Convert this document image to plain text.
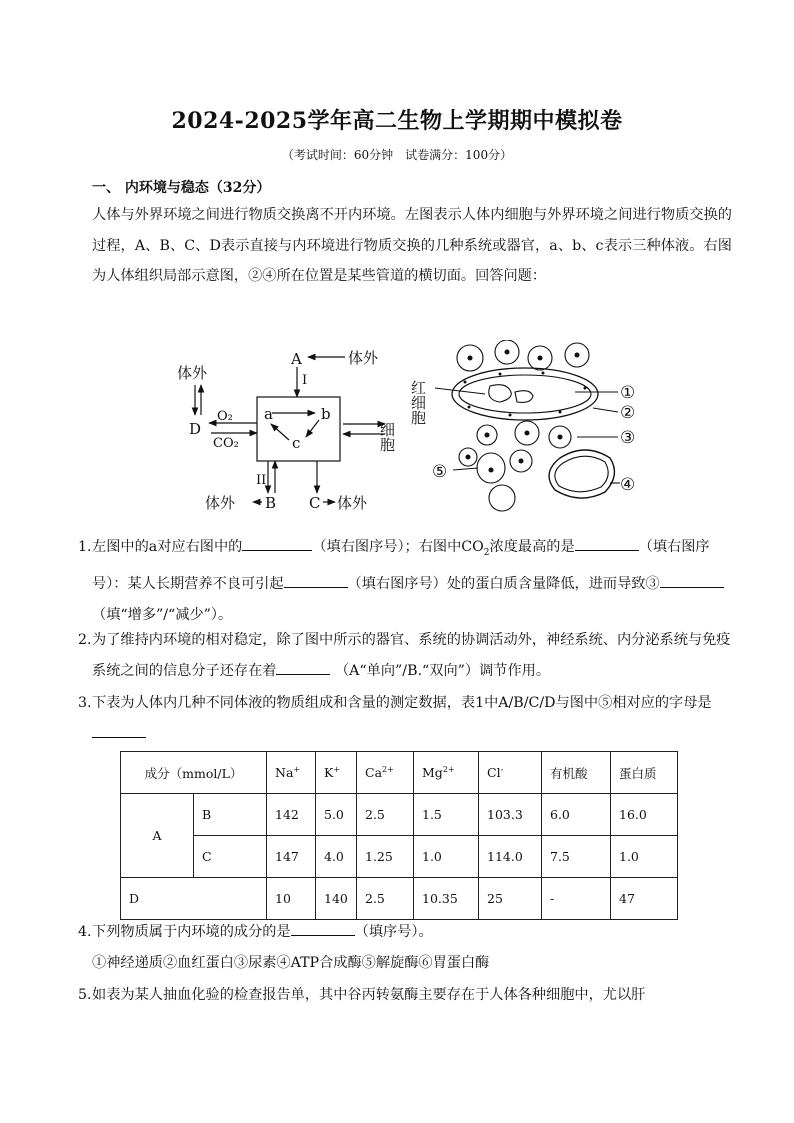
2024-2025学年高二生物上学期期中模拟卷
（考试时间：60分钟　试卷满分：100分）
一、 内环境与稳态（32分）
人体与外界环境之间进行物质交换离不开内环境。左图表示人体内细胞与外界环境之间进行物质交换的过程，A、B、C、D表示直接与内环境进行物质交换的几种系统或器官，a、b、c表示三种体液。右图为人体组织局部示意图，②④所在位置是某些管道的横切面。回答问题：
A
I
体外
体外
D
O₂
CO₂
a	b
c	细胞
II
B C
体外	体外
红细胞	①
②
③
④
⑤
1. 左图中的a对应右图中的	（填右图序号）；右图中$CO_2$浓度最高的是	（填右图序号）：某人长期营养不良可引起	（填右图序号）处的蛋白质含量降低，进而导致③（填“增多”/“减少”）。
2. 为了维持内环境的相对稳定，除了图中所示的器官、系统的协调活动外，神经系统、内分泌系统与免疫系统之间的信息分子还存在着	（A“单向”/B.“双向”）调节作用。
3. 下表为人体内几种不同体液的物质组成和含量的测定数据，表1中A/B/C/D与图中⑤相对应的字母是
成分（mmol/L）		Na+	K+	$Ca^{2+}$	$Mg^{2+}$	Cl-	有机酸	蛋白质
A	B	142	5.0	2.5	1.5	103.3	6.0	16.0
	C	147	4.0	1.25	1.0	114.0	7.5	1.0
D		10	140	2.5	10.35	25	-	47
4. 下列物质属于内环境的成分的是	（填序号）。
①神经递质②血红蛋白③尿素④ATP合成酶⑤解旋酶⑥胃蛋白酶
5. 如表为某人抽血化验的检查报告单，其中谷丙转氨酶主要存在于人体各种细胞中，尤以肝
